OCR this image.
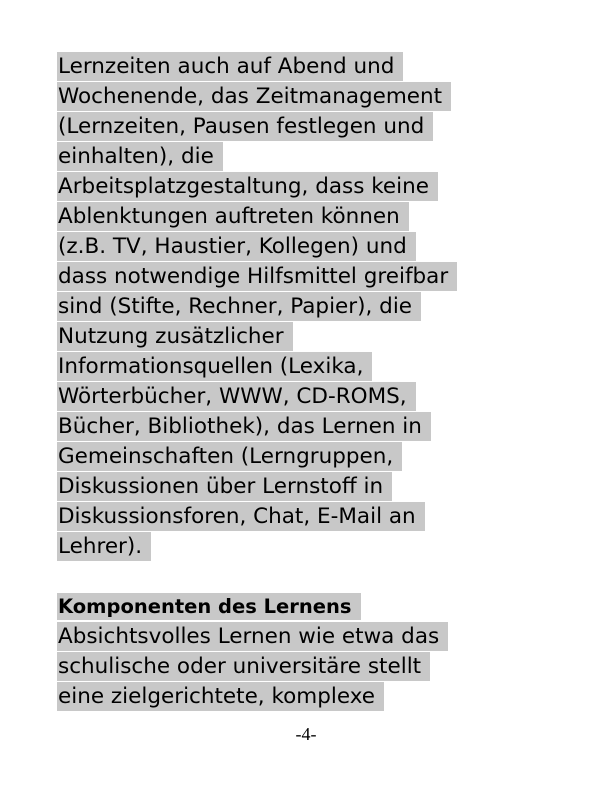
Lernzeiten auch auf Abend und
Wochenende, das Zeitmanagement
(Lernzeiten, Pausen festlegen und
einhalten), die
Arbeitsplatzgestaltung, dass keine
Ablenktungen auftreten können
(z.B. TV, Haustier, Kollegen) und
dass notwendige Hilfsmittel greifbar
sind (Stifte, Rechner, Papier), die
Nutzung zusätzlicher
Informationsquellen (Lexika,
Wörterbücher, WWW, CD-ROMS,
Bücher, Bibliothek), das Lernen in
Gemeinschaften (Lerngruppen,
Diskussionen über Lernstoff in
Diskussionsforen, Chat, E-Mail an
Lehrer).
Komponenten des Lernens
Absichtsvolles Lernen wie etwa das
schulische oder universitäre stellt
eine zielgerichtete, komplexe
-4-
